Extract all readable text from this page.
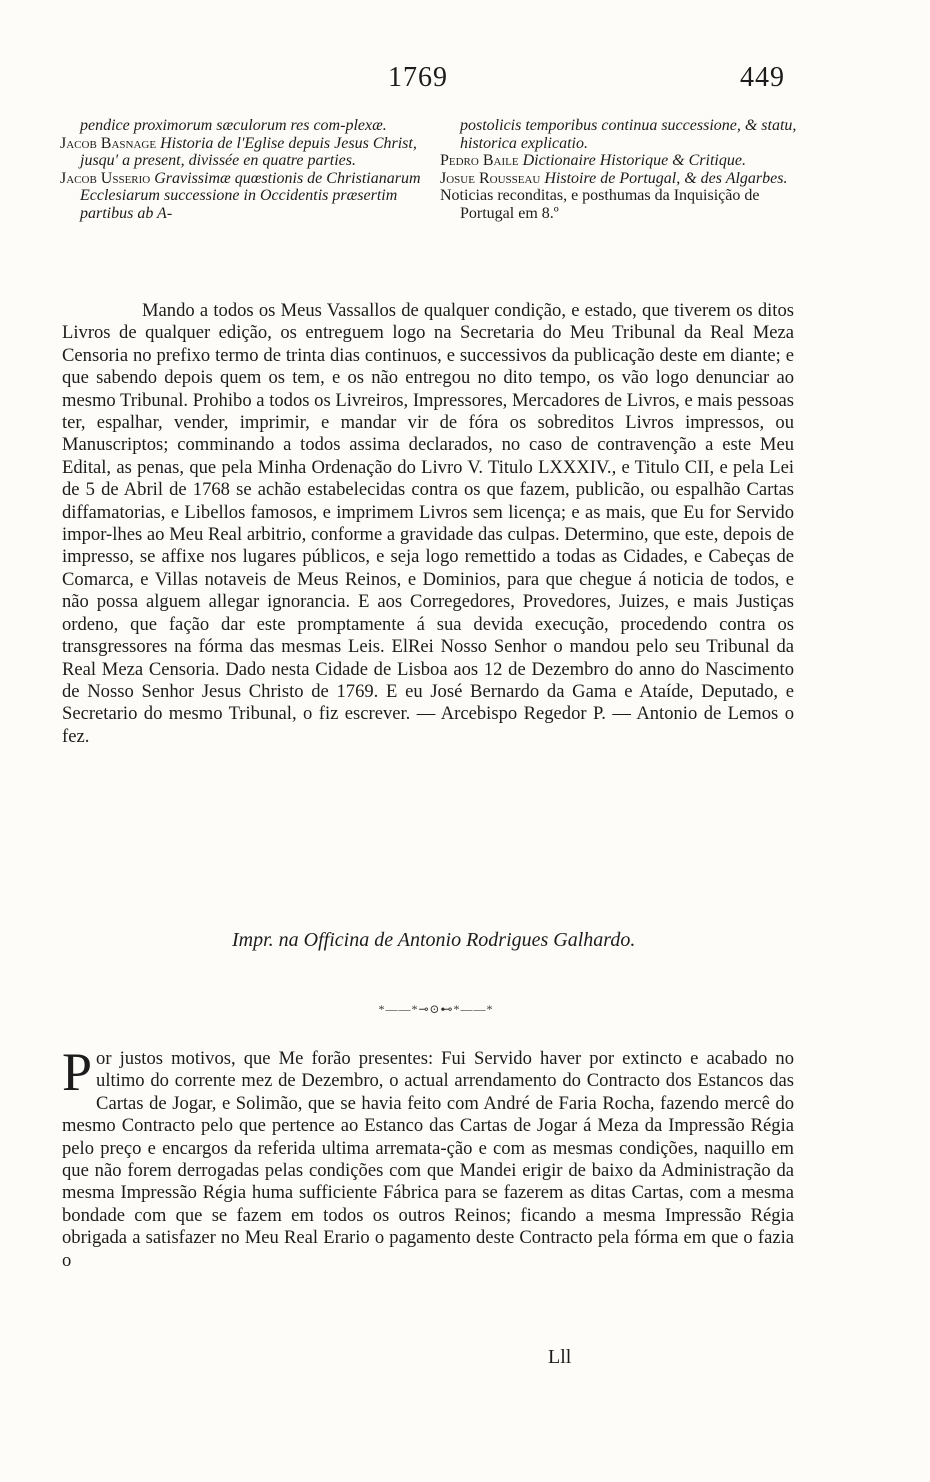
1769	449

pendice proximorum sæculorum res com-plexæ.

Jacob Basnage Historia de l'Eglise depuis Jesus Christ, jusqu' a present, divissée en quatre parties.

Jacob Usserio Gravissimæ quœstionis de Christianarum Ecclesiarum successione in Occidentis præsertim partibus ab A-

postolicis temporibus continua successione, & statu, historica explicatio.

Pedro Baile Dictionaire Historique & Critique.

Josue Rousseau Histoire de Portugal, & des Algarbes.

Noticias reconditas, e posthumas da Inquisição de Portugal em 8.º

Mando a todos os Meus Vassallos de qualquer condição, e estado, que tiverem os ditos Livros de qualquer edição, os entreguem logo na Secretaria do Meu Tribunal da Real Meza Censoria no prefixo termo de trinta dias continuos, e successivos da publicação deste em diante; e que sabendo depois quem os tem, e os não entregou no dito tempo, os vão logo denunciar ao mesmo Tribunal. Prohibo a todos os Livreiros, Impressores, Mercadores de Livros, e mais pessoas ter, espalhar, vender, imprimir, e mandar vir de fóra os sobreditos Livros impressos, ou Manuscriptos; comminando a todos assima declarados, no caso de contravenção a este Meu Edital, as penas, que pela Minha Ordenação do Livro V. Titulo LXXXIV., e Titulo CII, e pela Lei de 5 de Abril de 1768 se achão estabelecidas contra os que fazem, publicão, ou espalhão Cartas diffamatorias, e Libellos famosos, e imprimem Livros sem licença; e as mais, que Eu for Servido impor-lhes ao Meu Real arbitrio, conforme a gravidade das culpas. Determino, que este, depois de impresso, se affixe nos lugares públicos, e seja logo remettido a todas as Cidades, e Cabeças de Comarca, e Villas notaveis de Meus Reinos, e Dominios, para que chegue á noticia de todos, e não possa alguem allegar ignorancia. E aos Corregedores, Provedores, Juizes, e mais Justiças ordeno, que fação dar este promptamente á sua devida execução, procedendo contra os transgressores na fórma das mesmas Leis. ElRei Nosso Senhor o mandou pelo seu Tribunal da Real Meza Censoria. Dado nesta Cidade de Lisboa aos 12 de Dezembro do anno do Nascimento de Nosso Senhor Jesus Christo de 1769. E eu José Bernardo da Gama e Ataíde, Deputado, e Secretario do mesmo Tribunal, o fiz escrever. — Arcebispo Regedor P. — Antonio de Lemos o fez.

Impr. na Officina de Antonio Rodrigues Galhardo.
*——*⊸⊙⊷*——*

Por justos motivos, que Me forão presentes: Fui Servido haver por extincto e acabado no ultimo do corrente mez de Dezembro, o actual arrendamento do Contracto dos Estancos das Cartas de Jogar, e Solimão, que se havia feito com André de Faria Rocha, fazendo mercê do mesmo Contracto pelo que pertence ao Estanco das Cartas de Jogar á Meza da Impressão Régia pelo preço e encargos da referida ultima arremata-ção e com as mesmas condições, naquillo em que não forem derrogadas pelas condições com que Mandei erigir de baixo da Administração da mesma Impressão Régia huma sufficiente Fábrica para se fazerem as ditas Cartas, com a mesma bondade com que se fazem em todos os outros Reinos; ficando a mesma Impressão Régia obrigada a satisfazer no Meu Real Erario o pagamento deste Contracto pela fórma em que o fazia o

Lll
